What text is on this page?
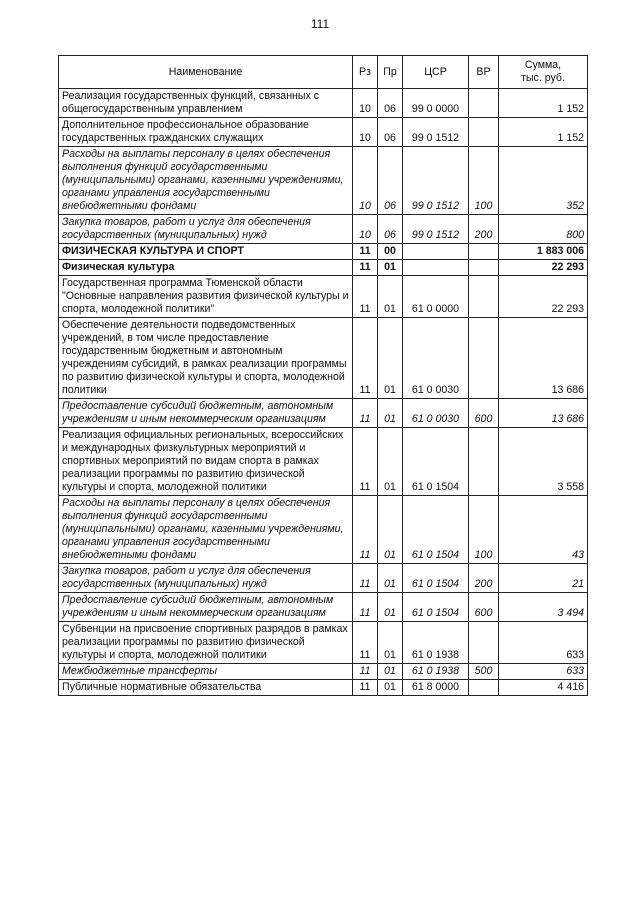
111
Наименование	Рз	Пр	ЦСР	ВР	Сумма,
тыс. руб.

Реализация государственных функций, связанных с общегосударственным управлением	10	06	99 0 0000		1 152
Дополнительное профессиональное образование государственных гражданских служащих	10	06	99 0 1512		1 152
Расходы на выплаты персоналу в целях обеспечения выполнения функций государственными (муниципальными) органами, казенными учреждениями, органами управления государственными внебюджетными фондами	10	06	99 0 1512	100	352
Закупка товаров, работ и услуг для обеспечения государственных (муниципальных) нужд	10	06	99 0 1512	200	800
ФИЗИЧЕСКАЯ КУЛЬТУРА И СПОРТ	11	00			1 883 006
Физическая культура	11	01			22 293
Государственная программа Тюменской области "Основные направления развития физической культуры и спорта, молодежной политики"	11	01	61 0 0000		22 293
Обеспечение деятельности подведомственных учреждений, в том числе предоставление государственным бюджетным и автономным учреждениям субсидий, в рамках реализации программы по развитию физической культуры и спорта, молодежной политики	11	01	61 0 0030		13 686
Предоставление субсидий бюджетным, автономным учреждениям и иным некоммерческим организациям	11	01	61 0 0030	600	13 686
Реализация официальных региональных, всероссийских и международных физкультурных мероприятий и спортивных мероприятий по видам спорта в рамках реализации программы по развитию физической культуры и спорта, молодежной политики	11	01	61 0 1504		3 558
Расходы на выплаты персоналу в целях обеспечения выполнения функций государственными (муниципальными) органами, казенными учреждениями, органами управления государственными внебюджетными фондами	11	01	61 0 1504	100	43
Закупка товаров, работ и услуг для обеспечения государственных (муниципальных) нужд	11	01	61 0 1504	200	21
Предоставление субсидий бюджетным, автономным учреждениям и иным некоммерческим организациям	11	01	61 0 1504	600	3 494
Субвенции на присвоение спортивных разрядов в рамках реализации программы по развитию физической культуры и спорта, молодежной политики	11	01	61 0 1938		633
Межбюджетные трансферты	11	01	61 0 1938	500	633
Публичные нормативные обязательства	11	01	61 8 0000		4 416
